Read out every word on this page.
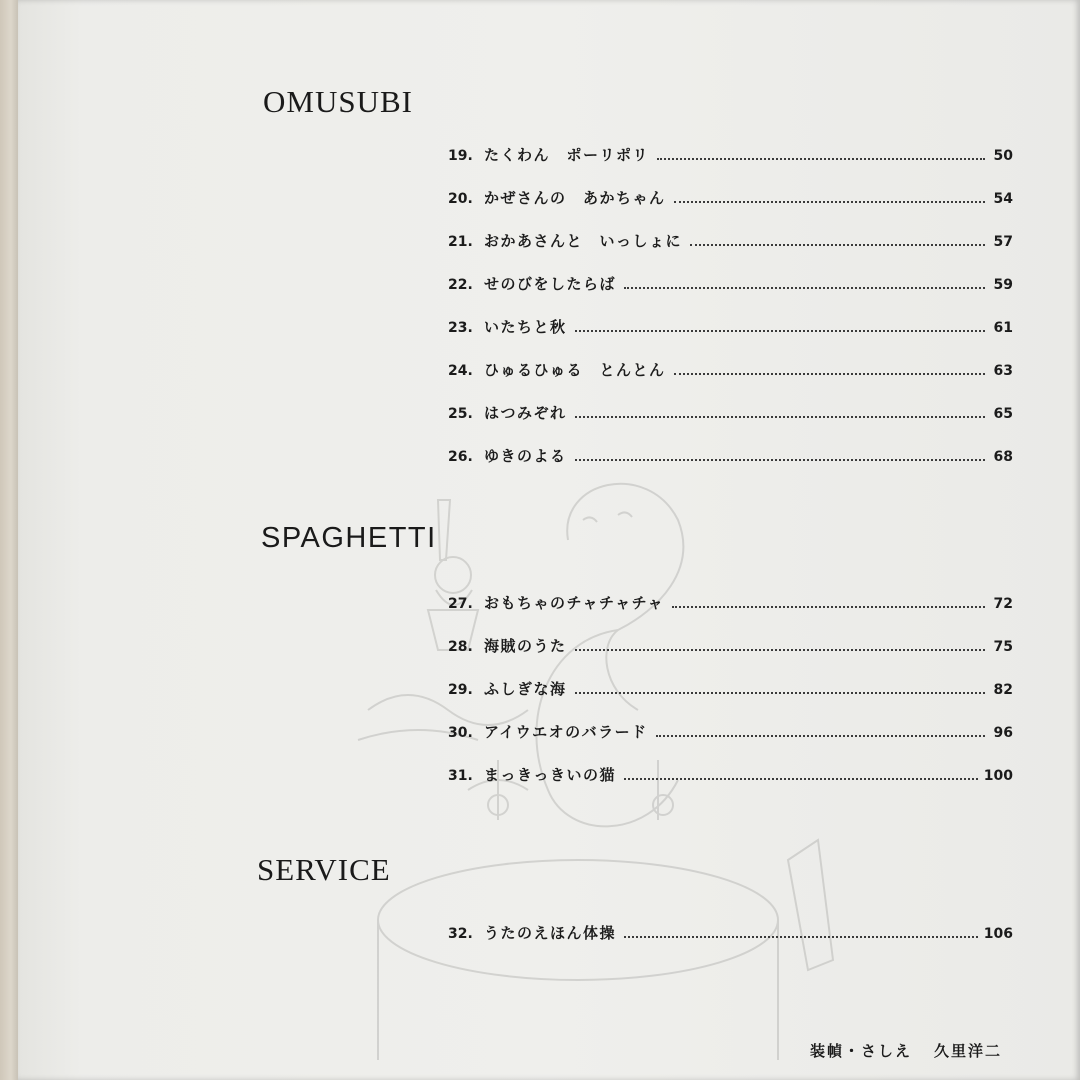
OMUSUBI
19. たくわん　ポーリポリ	50
20. かぜさんの　あかちゃん	54
21. おかあさんと　いっしょに	57
22. せのびをしたらば	59
23. いたちと秋	61
24. ひゅるひゅる　とんとん	63
25. はつみぞれ	65
26. ゆきのよる	68
SPAGHETTI
27. おもちゃのチャチャチャ	72
28. 海賊のうた	75
29. ふしぎな海	82
30. アイウエオのバラード	96
31. まっきっきいの猫	100
SERVICE
32. うたのえほん体操	106
装幀・さしえ 久里洋二
